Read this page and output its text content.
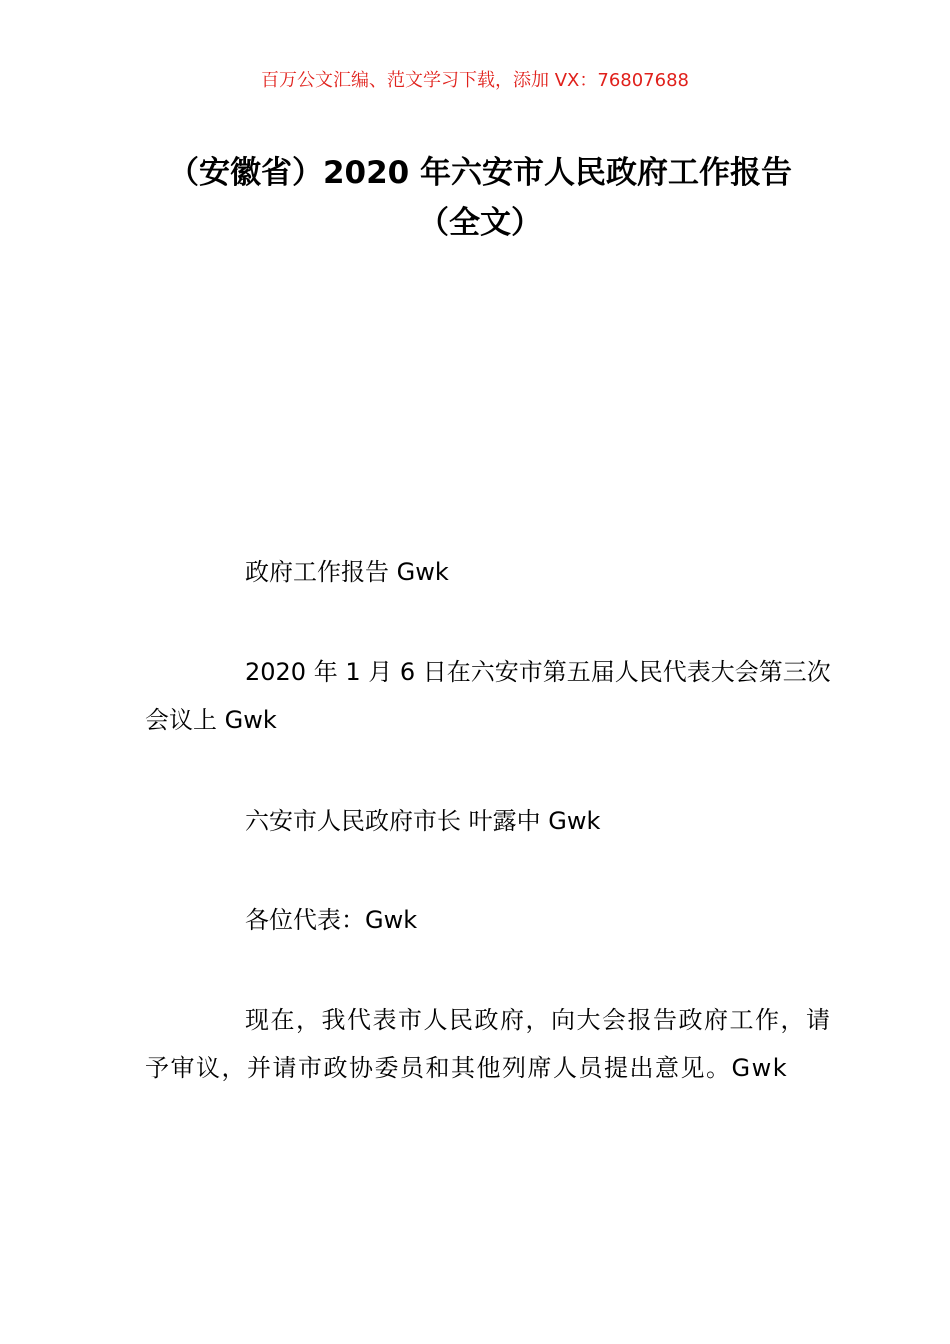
百万公文汇编、范文学习下载，添加 VX：76807688
（安徽省）2020 年六安市人民政府工作报告（全文）

政府工作报告 Gwk

2020 年 1 月 6 日在六安市第五届人民代表大会第三次会议上 Gwk

六安市人民政府市长 叶露中 Gwk

各位代表：Gwk

现在，我代表市人民政府，向大会报告政府工作，请予审议，并请市政协委员和其他列席人员提出意见。Gwk
